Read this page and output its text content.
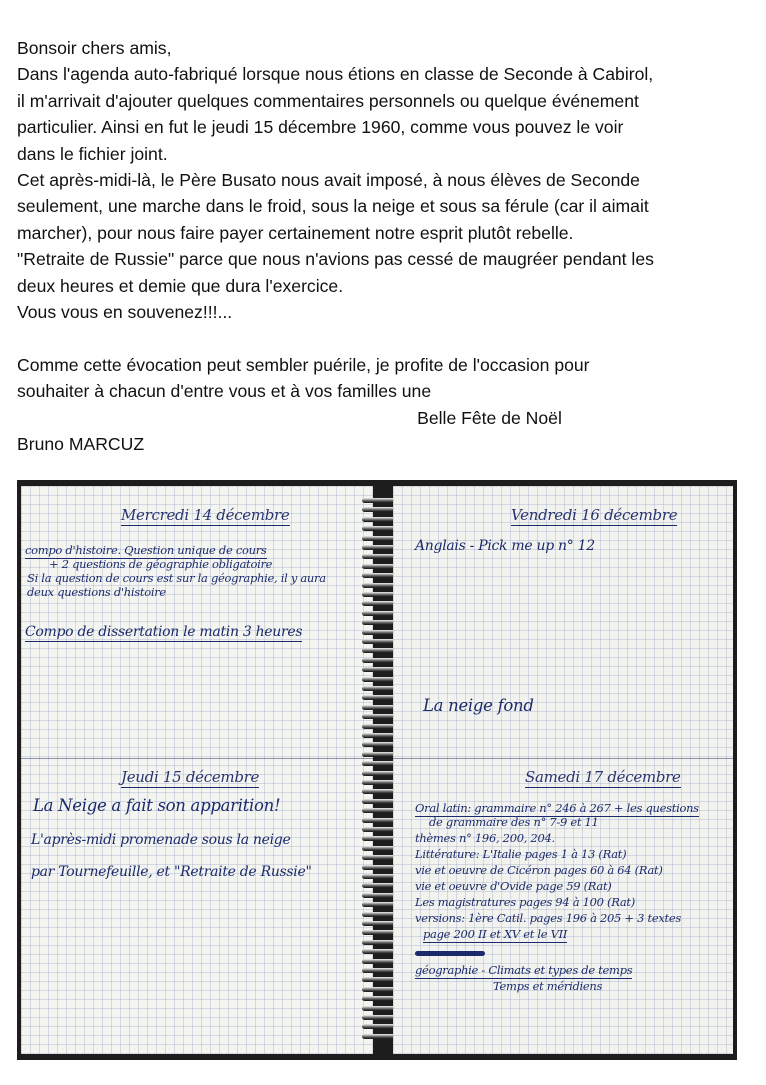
Bonsoir chers amis,

Dans l'agenda auto-fabriqué lorsque nous étions en classe de Seconde à Cabirol,

il m'arrivait d'ajouter quelques commentaires personnels ou quelque événement

particulier. Ainsi en fut le jeudi 15 décembre 1960, comme vous pouvez le voir

dans le fichier joint.

Cet après-midi-là, le Père Busato nous avait imposé, à nous élèves de Seconde

seulement, une marche dans le froid, sous la neige et sous sa férule (car il aimait

marcher), pour nous faire payer certainement notre esprit plutôt rebelle.

"Retraite de Russie" parce que nous n'avions pas cessé de maugréer pendant les

deux heures et demie que dura l'exercice.

Vous vous en souvenez!!!...

Comme cette évocation peut sembler puérile, je profite de l'occasion pour

souhaiter à chacun d'entre vous et à vos familles une

Belle Fête de Noël

Bruno MARCUZ

Mercredi 14 décembre
compo d'histoire. Question unique de cours
+ 2 questions de géographie obligatoire
Si la question de cours est sur la géographie, il y aura
deux questions d'histoire
Compo de dissertation le matin 3 heures
Jeudi 15 décembre
La Neige a fait son apparition!
L'après-midi promenade sous la neige
par Tournefeuille, et "Retraite de Russie"
Vendredi 16 décembre
Anglais - Pick me up n° 12
La neige fond
Samedi 17 décembre
Oral latin: grammaire n° 246 à 267 + les questions
de grammaire des n° 7-9 et 11
thèmes n° 196, 200, 204.
Littérature: L'Italie pages 1 à 13 (Rat)
vie et oeuvre de Cicéron pages 60 à 64 (Rat)
vie et oeuvre d'Ovide page 59 (Rat)
Les magistratures pages 94 à 100 (Rat)
versions: 1ère Catil. pages 196 à 205 + 3 textes
page 200 II et XV et le VII
géographie - Climats et types de temps
Temps et méridiens
